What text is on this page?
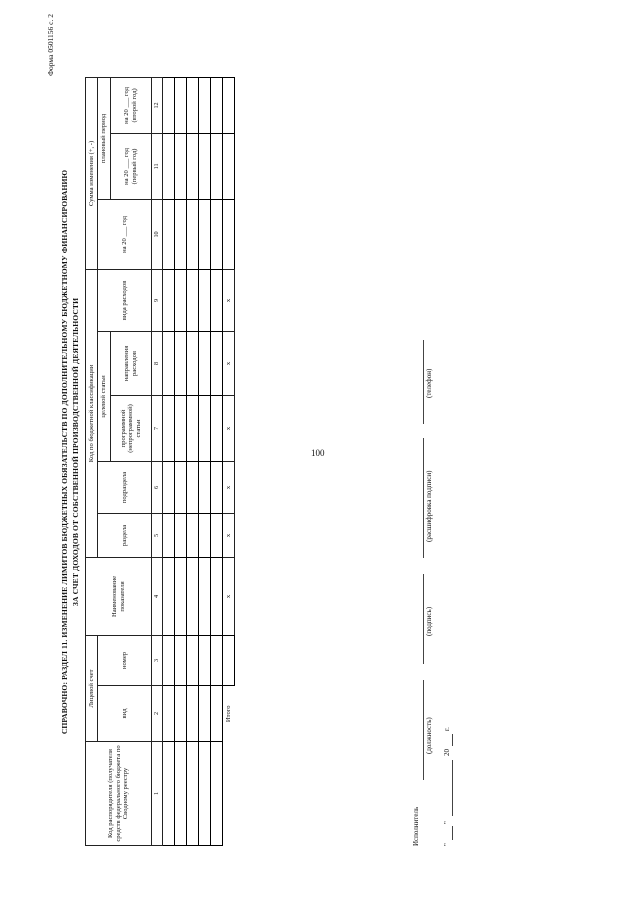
100
Форма 0501156 с. 2
СПРАВОЧНО: РАЗДЕЛ 11. ИЗМЕНЕНИЕ ЛИМИТОВ БЮДЖЕТНЫХ ОБЯЗАТЕЛЬСТВ ПО ДОПОЛНИТЕЛЬНОМУ БЮДЖЕТНОМУ ФИНАНСИРОВАНИЮ ЗА СЧЕТ ДОХОДОВ ОТ СОБСТВЕННОЙ ПРОИЗВОДСТВЕННОЙ ДЕЯТЕЛЬНОСТИ
Код распорядителя (получателя средств федерального бюджета по Сводному реестру	Лицевой счет		Наименование показателя	Код по бюджетной классификации					Сумма изменения (+, -)		
	вид	номер		раздела	подраздела	целевой статьи		вида расходов	на 20 ___ год	плановый период	
						программной (непрограммной) статьи	направления расходов			на 20 ___ год (первый год)	на 20 ___ год (второй год)

1	2	3	4	5	6	7	8	9	10	11	12

	Итого		x	x	x	x	x	x			
Исполнитель
(должность)
(подпись)
(расшифровка подписи)
(телефон)
"
"
20
г.
